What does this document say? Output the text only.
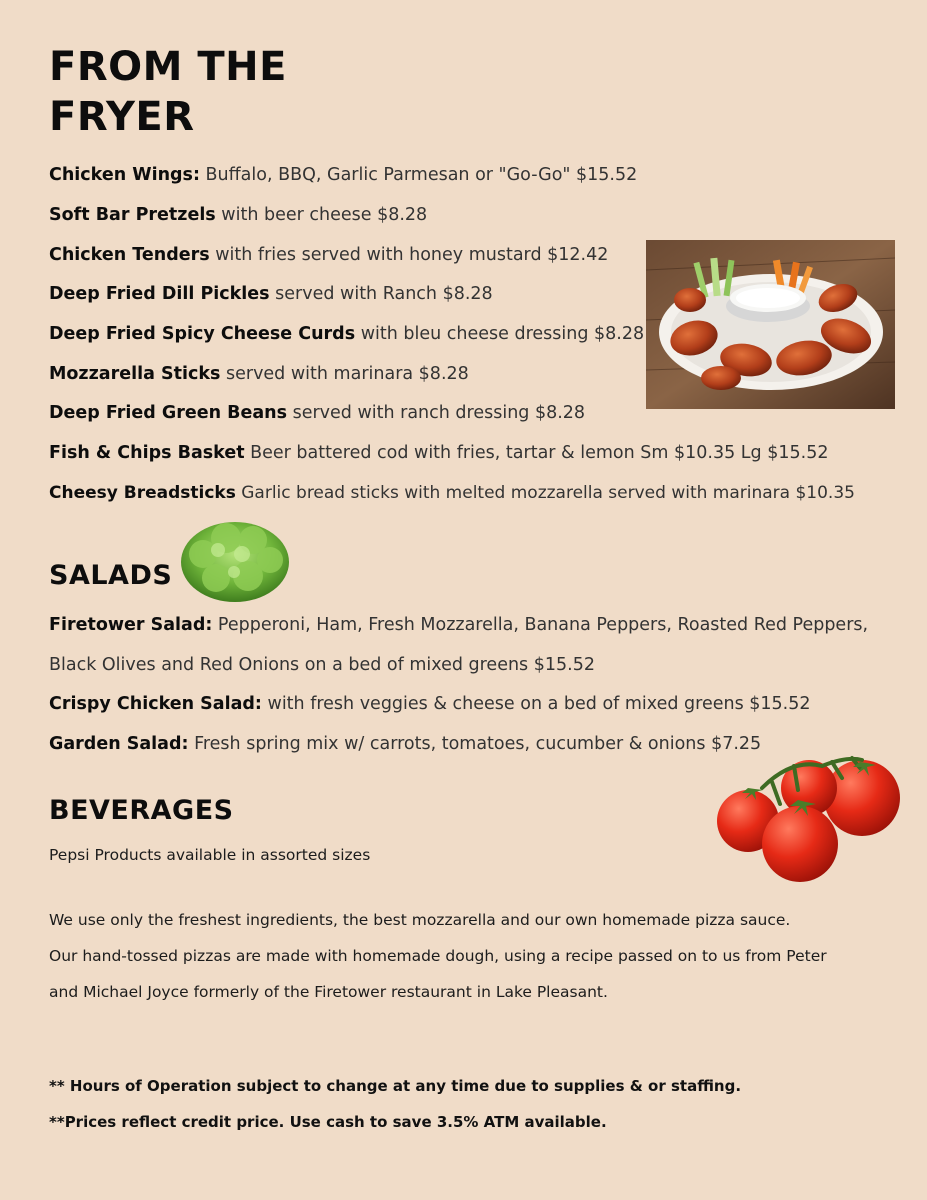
FROM THE
FRYER
Chicken Wings: Buffalo, BBQ, Garlic Parmesan or "Go-Go" $15.52
Soft Bar Pretzels with beer cheese $8.28
Chicken Tenders with fries served with honey mustard $12.42
Deep Fried Dill Pickles served with Ranch $8.28
Deep Fried Spicy Cheese Curds with bleu cheese dressing $8.28
Mozzarella Sticks served with marinara $8.28
Deep Fried Green Beans served with ranch dressing $8.28
Fish & Chips Basket Beer battered cod with fries, tartar & lemon Sm $10.35 Lg $15.52
Cheesy Breadsticks Garlic bread sticks with melted mozzarella served with marinara $10.35
SALADS
Firetower Salad: Pepperoni, Ham, Fresh Mozzarella, Banana Peppers, Roasted Red Peppers,
Black Olives and Red Onions on a bed of mixed greens $15.52
Crispy Chicken Salad: with fresh veggies & cheese on a bed of mixed greens $15.52
Garden Salad: Fresh spring mix w/ carrots, tomatoes, cucumber & onions $7.25
BEVERAGES
Pepsi Products available in assorted sizes
We use only the freshest ingredients, the best mozzarella and our own homemade pizza sauce.
Our hand-tossed pizzas are made with homemade dough, using a recipe passed on to us from Peter
and Michael Joyce formerly of the Firetower restaurant in Lake Pleasant.
** Hours of Operation subject to change at any time due to supplies & or staffing.
**Prices reflect credit price. Use cash to save 3.5% ATM available.
